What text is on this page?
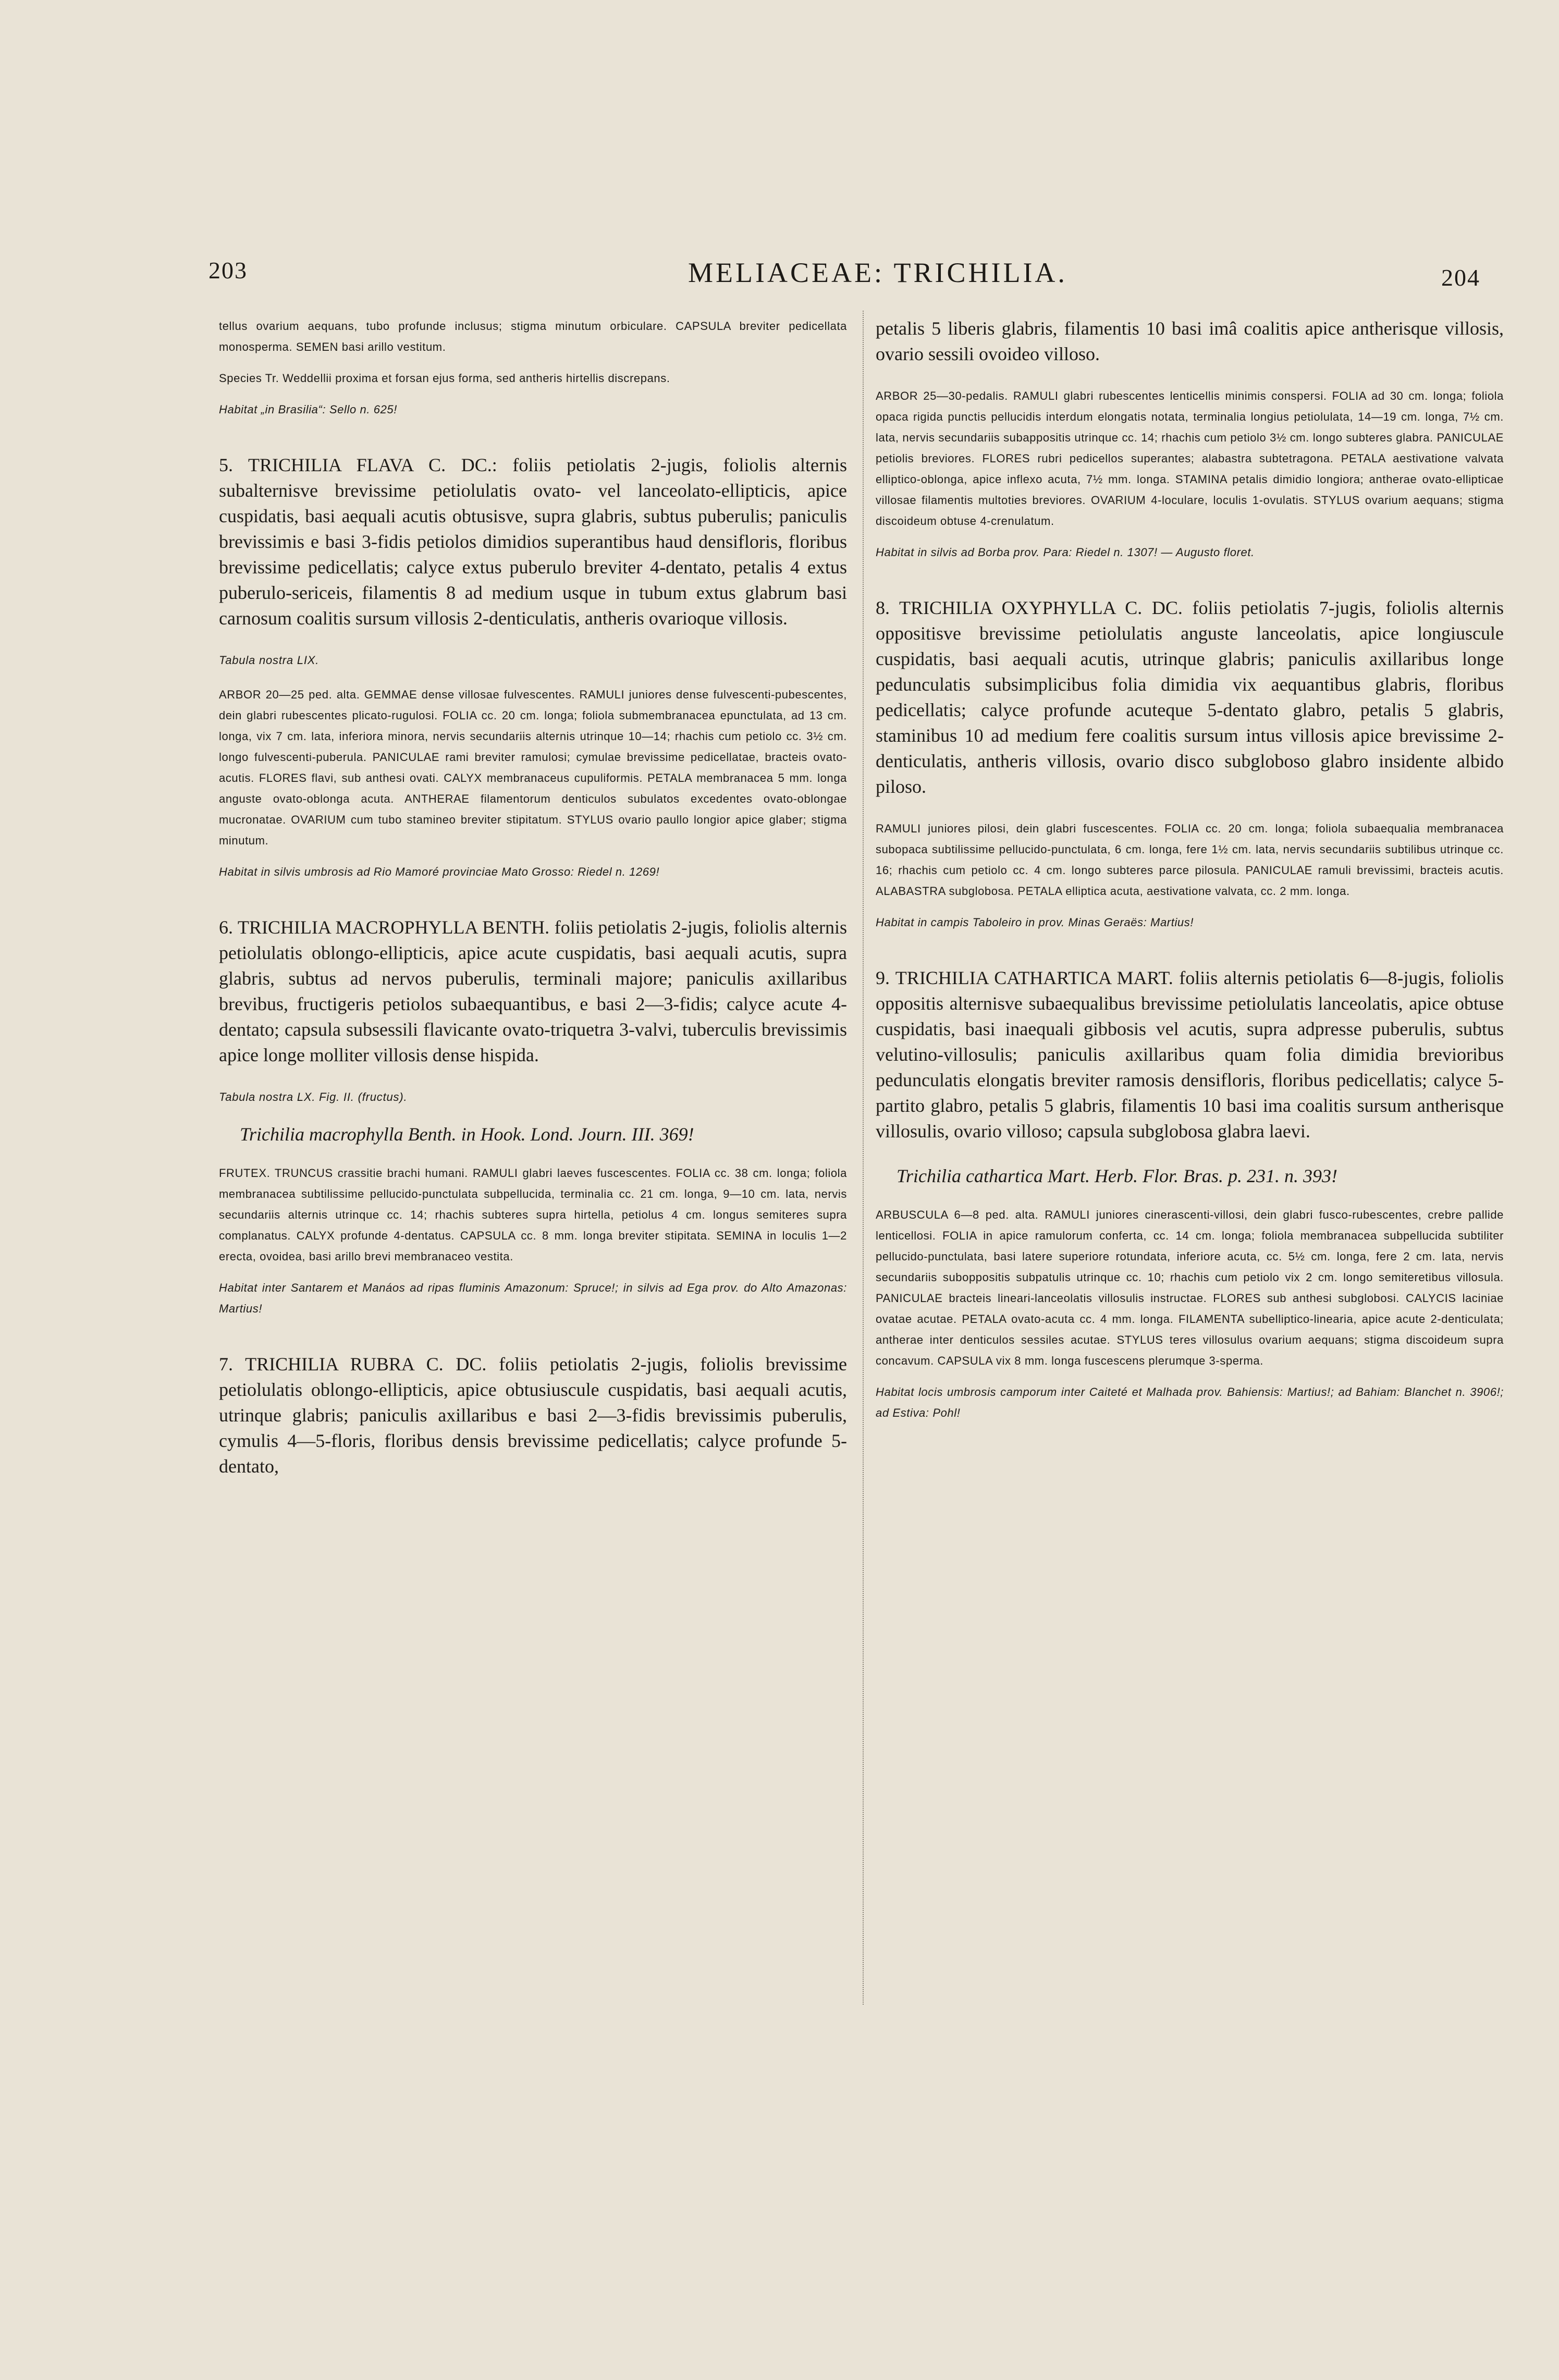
203	MELIACEAE: TRICHILIA.	204

tellus ovarium aequans, tubo profunde inclusus; stigma minutum orbiculare. CAPSULA breviter pedicellata monosperma. SEMEN basi arillo vestitum.

Species Tr. Weddellii proxima et forsan ejus forma, sed antheris hirtellis discrepans.

Habitat „in Brasilia“: Sello n. 625!

5. TRICHILIA FLAVA C. DC.: foliis petiolatis 2-jugis, foliolis alternis subalternisve brevissime petiolulatis ovato- vel lanceolato-ellipticis, apice cuspidatis, basi aequali acutis obtusisve, supra glabris, subtus puberulis; paniculis brevissimis e basi 3-fidis petiolos dimidios superantibus haud densifloris, floribus brevissime pedicellatis; calyce extus puberulo breviter 4-dentato, petalis 4 extus puberulo-sericeis, filamentis 8 ad medium usque in tubum extus glabrum basi carnosum coalitis sursum villosis 2-denticulatis, antheris ovarioque villosis.

Tabula nostra LIX.

ARBOR 20—25 ped. alta. GEMMAE dense villosae fulvescentes. RAMULI juniores dense fulvescenti-pubescentes, dein glabri rubescentes plicato-rugulosi. FOLIA cc. 20 cm. longa; foliola submembranacea epunctulata, ad 13 cm. longa, vix 7 cm. lata, inferiora minora, nervis secundariis alternis utrinque 10—14; rhachis cum petiolo cc. 3½ cm. longo fulvescenti-puberula. PANICULAE rami breviter ramulosi; cymulae brevissime pedicellatae, bracteis ovato-acutis. FLORES flavi, sub anthesi ovati. CALYX membranaceus cupuliformis. PETALA membranacea 5 mm. longa anguste ovato-oblonga acuta. ANTHERAE filamentorum denticulos subulatos excedentes ovato-oblongae mucronatae. OVARIUM cum tubo stamineo breviter stipitatum. STYLUS ovario paullo longior apice glaber; stigma minutum.

Habitat in silvis umbrosis ad Rio Mamoré provinciae Mato Grosso: Riedel n. 1269!

6. TRICHILIA MACROPHYLLA BENTH. foliis petiolatis 2-jugis, foliolis alternis petiolulatis oblongo-ellipticis, apice acute cuspidatis, basi aequali acutis, supra glabris, subtus ad nervos puberulis, terminali majore; paniculis axillaribus brevibus, fructigeris petiolos subaequantibus, e basi 2—3-fidis; calyce acute 4-dentato; capsula subsessili flavicante ovato-triquetra 3-valvi, tuberculis brevissimis apice longe molliter villosis dense hispida.

Tabula nostra LX. Fig. II. (fructus).

Trichilia macrophylla Benth. in Hook. Lond. Journ. III. 369!

FRUTEX. TRUNCUS crassitie brachi humani. RAMULI glabri laeves fuscescentes. FOLIA cc. 38 cm. longa; foliola membranacea subtilissime pellucido-punctulata subpellucida, terminalia cc. 21 cm. longa, 9—10 cm. lata, nervis secundariis alternis utrinque cc. 14; rhachis subteres supra hirtella, petiolus 4 cm. longus semiteres supra complanatus. CALYX profunde 4-dentatus. CAPSULA cc. 8 mm. longa breviter stipitata. SEMINA in loculis 1—2 erecta, ovoidea, basi arillo brevi membranaceo vestita.

Habitat inter Santarem et Manáos ad ripas fluminis Amazonum: Spruce!; in silvis ad Ega prov. do Alto Amazonas: Martius!

7. TRICHILIA RUBRA C. DC. foliis petiolatis 2-jugis, foliolis brevissime petiolulatis oblongo-ellipticis, apice obtusiuscule cuspidatis, basi aequali acutis, utrinque glabris; paniculis axillaribus e basi 2—3-fidis brevissimis puberulis, cymulis 4—5-floris, floribus densis brevissime pedicellatis; calyce profunde 5-dentato,

petalis 5 liberis glabris, filamentis 10 basi imâ coalitis apice antherisque villosis, ovario sessili ovoideo villoso.

ARBOR 25—30-pedalis. RAMULI glabri rubescentes lenticellis minimis conspersi. FOLIA ad 30 cm. longa; foliola opaca rigida punctis pellucidis interdum elongatis notata, terminalia longius petiolulata, 14—19 cm. longa, 7½ cm. lata, nervis secundariis subappositis utrinque cc. 14; rhachis cum petiolo 3½ cm. longo subteres glabra. PANICULAE petiolis breviores. FLORES rubri pedicellos superantes; alabastra subtetragona. PETALA aestivatione valvata elliptico-oblonga, apice inflexo acuta, 7½ mm. longa. STAMINA petalis dimidio longiora; antherae ovato-ellipticae villosae filamentis multoties breviores. OVARIUM 4-loculare, loculis 1-ovulatis. STYLUS ovarium aequans; stigma discoideum obtuse 4-crenulatum.

Habitat in silvis ad Borba prov. Para: Riedel n. 1307! — Augusto floret.

8. TRICHILIA OXYPHYLLA C. DC. foliis petiolatis 7-jugis, foliolis alternis oppositisve brevissime petiolulatis anguste lanceolatis, apice longiuscule cuspidatis, basi aequali acutis, utrinque glabris; paniculis axillaribus longe pedunculatis subsimplicibus folia dimidia vix aequantibus glabris, floribus pedicellatis; calyce profunde acuteque 5-dentato glabro, petalis 5 glabris, staminibus 10 ad medium fere coalitis sursum intus villosis apice brevissime 2-denticulatis, antheris villosis, ovario disco subgloboso glabro insidente albido piloso.

RAMULI juniores pilosi, dein glabri fuscescentes. FOLIA cc. 20 cm. longa; foliola subaequalia membranacea subopaca subtilissime pellucido-punctulata, 6 cm. longa, fere 1½ cm. lata, nervis secundariis subtilibus utrinque cc. 16; rhachis cum petiolo cc. 4 cm. longo subteres parce pilosula. PANICULAE ramuli brevissimi, bracteis acutis. ALABASTRA subglobosa. PETALA elliptica acuta, aestivatione valvata, cc. 2 mm. longa.

Habitat in campis Taboleiro in prov. Minas Geraës: Martius!

9. TRICHILIA CATHARTICA MART. foliis alternis petiolatis 6—8-jugis, foliolis oppositis alternisve subaequalibus brevissime petiolulatis lanceolatis, apice obtuse cuspidatis, basi inaequali gibbosis vel acutis, supra adpresse puberulis, subtus velutino-villosulis; paniculis axillaribus quam folia dimidia brevioribus pedunculatis elongatis breviter ramosis densifloris, floribus pedicellatis; calyce 5-partito glabro, petalis 5 glabris, filamentis 10 basi ima coalitis sursum antherisque villosulis, ovario villoso; capsula subglobosa glabra laevi.

Trichilia cathartica Mart. Herb. Flor. Bras. p. 231. n. 393!

ARBUSCULA 6—8 ped. alta. RAMULI juniores cinerascenti-villosi, dein glabri fusco-rubescentes, crebre pallide lenticellosi. FOLIA in apice ramulorum conferta, cc. 14 cm. longa; foliola membranacea subpellucida subtiliter pellucido-punctulata, basi latere superiore rotundata, inferiore acuta, cc. 5½ cm. longa, fere 2 cm. lata, nervis secundariis suboppositis subpatulis utrinque cc. 10; rhachis cum petiolo vix 2 cm. longo semiteretibus villosula. PANICULAE bracteis lineari-lanceolatis villosulis instructae. FLORES sub anthesi subglobosi. CALYCIS laciniae ovatae acutae. PETALA ovato-acuta cc. 4 mm. longa. FILAMENTA subelliptico-linearia, apice acute 2-denticulata; antherae inter denticulos sessiles acutae. STYLUS teres villosulus ovarium aequans; stigma discoideum supra concavum. CAPSULA vix 8 mm. longa fuscescens plerumque 3-sperma.

Habitat locis umbrosis camporum inter Caiteté et Malhada prov. Bahiensis: Martius!; ad Bahiam: Blanchet n. 3906!; ad Estiva: Pohl!
